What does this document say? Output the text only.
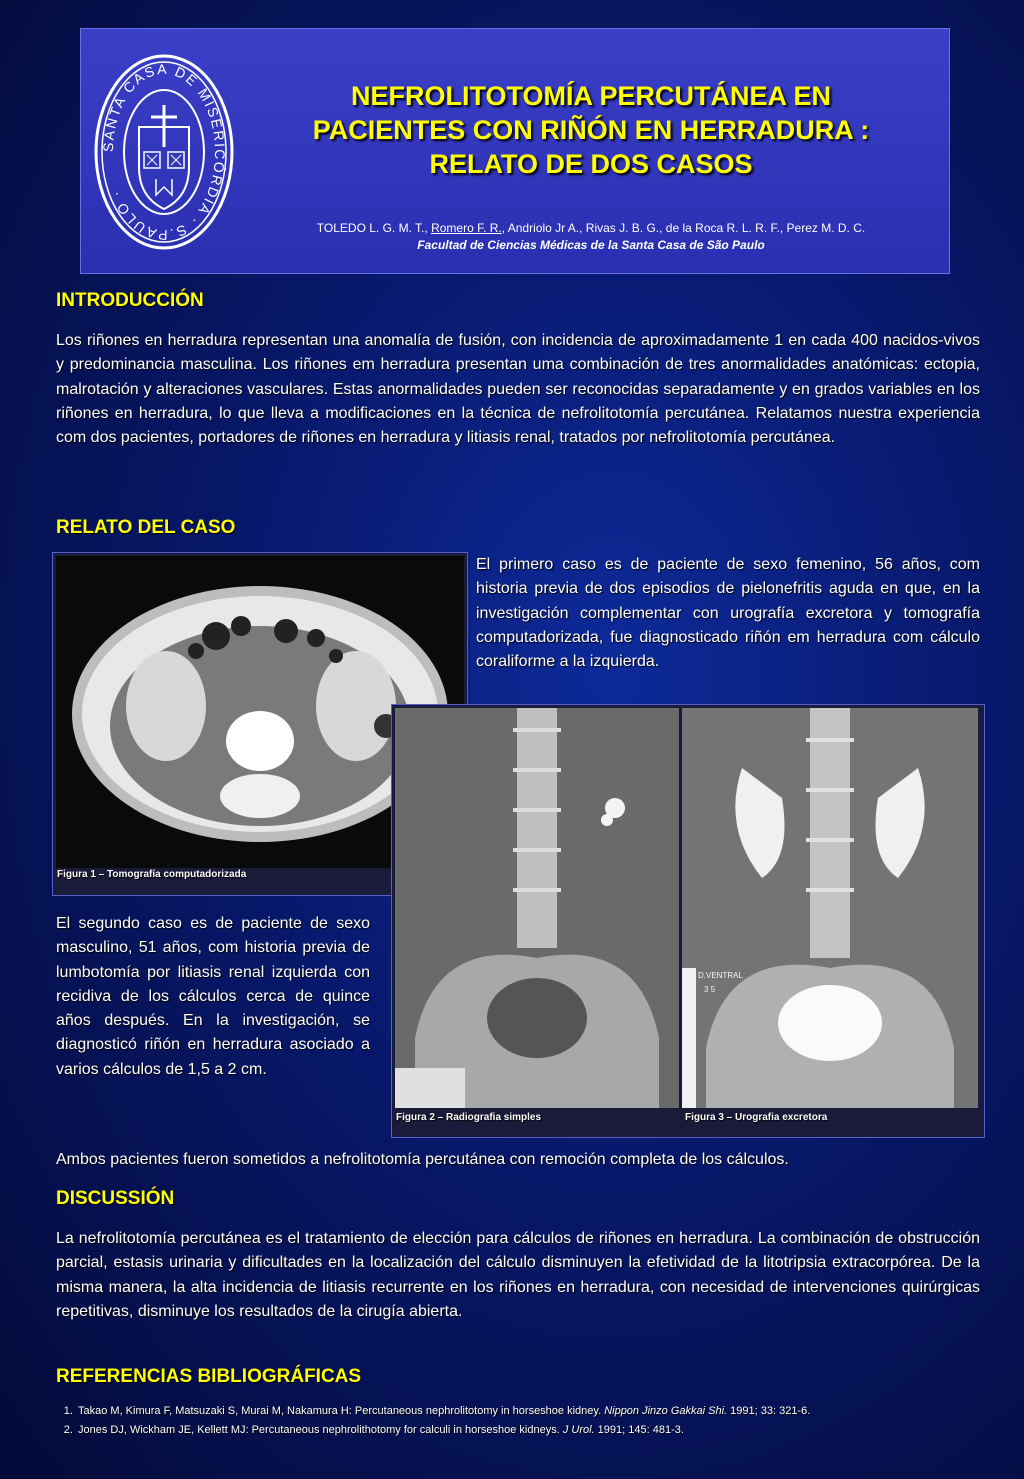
SANTA CASA DE MISERICÓRDIA · S.PAULO ·
NEFROLITOTOMÍA PERCUTÁNEA EN
PACIENTES CON RIÑÓN EN HERRADURA :
RELATO DE DOS CASOS
TOLEDO L. G. M. T., Romero F. R., Andriolo Jr A., Rivas J. B. G., de la Roca R. L. R. F., Perez M. D. C.
Facultad de Ciencias Médicas de la Santa Casa de São Paulo
INTRODUCCIÓN

Los riñones en herradura representan una anomalía de fusión, con incidencia de aproximadamente 1 en cada 400 nacidos-vivos y predominancia masculina. Los riñones em herradura presentan uma combinación de tres anormalidades anatómicas: ectopia, malrotación y alteraciones vasculares. Estas anormalidades pueden ser reconocidas separadamente y en grados variables en los riñones en herradura, lo que lleva a modificaciones en la técnica de nefrolitotomía percutánea. Relatamos nuestra experiencia com dos pacientes, portadores de riñones en herradura y litiasis renal, tratados por nefrolitotomía percutánea.

RELATO DEL CASO
Figura 1 – Tomografía computadorizada

El primero caso es de paciente de sexo femenino, 56 años, com historia previa de dos episodios de pielonefritis aguda en que, en la investigación complementar con urografía excretora y tomografía computadorizada, fue diagnosticado riñón em herradura com cálculo coraliforme a la izquierda.

D.VENTRAL
3 5
Figura 2 – Radiografia simples	Figura 3 – Urografia excretora

El segundo caso es de paciente de sexo masculino, 51 años, com historia previa de lumbotomía por litiasis renal izquierda con recidiva de los cálculos cerca de quince años después. En la investigación, se diagnosticó riñón en herradura asociado a varios cálculos de 1,5 a 2 cm.

Ambos pacientes fueron sometidos a nefrolitotomía percutánea con remoción completa de los cálculos.

DISCUSSIÓN

La nefrolitotomía percutánea es el tratamiento de elección para cálculos de riñones en herradura. La combinación de obstrucción parcial, estasis urinaria y dificultades en la localización del cálculo disminuyen la efetividad de la litotripsia extracorpórea. De la misma manera, la alta incidencia de litiasis recurrente en los riñones en herradura, con necesidad de intervenciones quirúrgicas repetitivas, disminuye los resultados de la cirugía abierta.

REFERENCIAS BIBLIOGRÁFICAS
1. Takao M, Kimura F, Matsuzaki S, Murai M, Nakamura H: Percutaneous nephrolitotomy in horseshoe kidney. Nippon Jinzo Gakkai Shi. 1991; 33: 321-6.
2. Jones DJ, Wickham JE, Kellett MJ: Percutaneous nephrolithotomy for calculi in horseshoe kidneys. J Urol. 1991; 145: 481-3.
